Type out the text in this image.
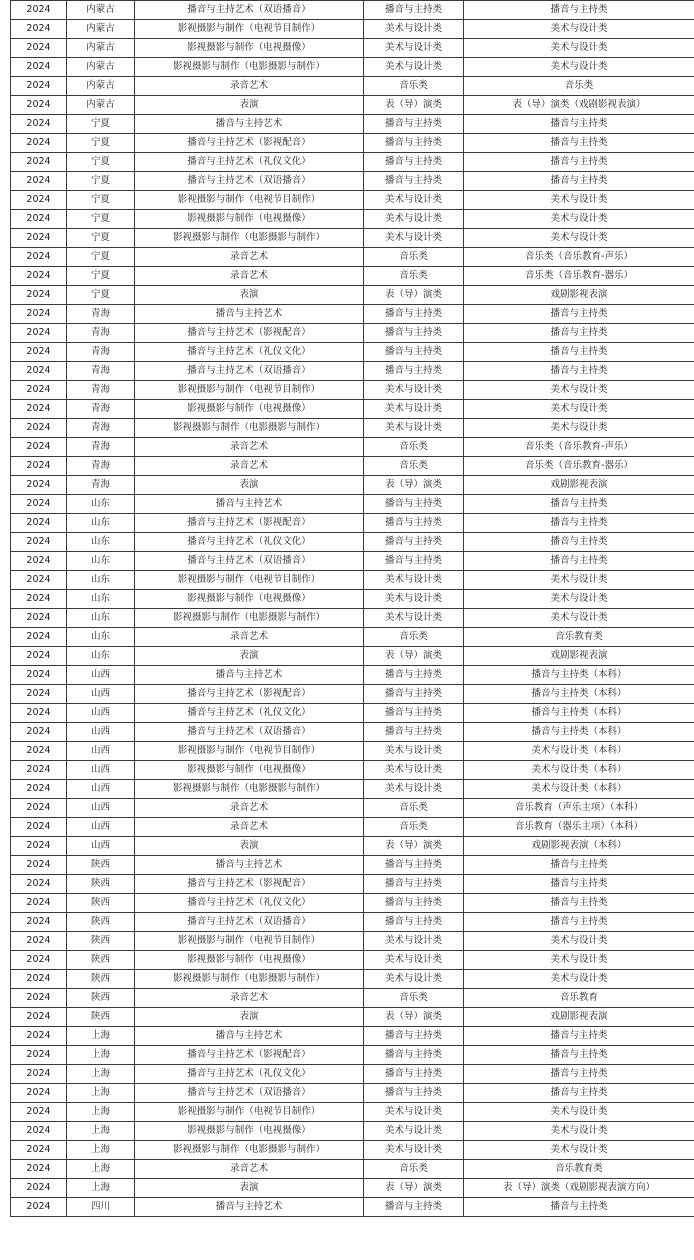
2024	内蒙古	播音与主持艺术（双语播音）	播音与主持类	播音与主持类
2024	内蒙古	影视摄影与制作（电视节目制作）	美术与设计类	美术与设计类
2024	内蒙古	影视摄影与制作（电视摄像）	美术与设计类	美术与设计类
2024	内蒙古	影视摄影与制作（电影摄影与制作）	美术与设计类	美术与设计类
2024	内蒙古	录音艺术	音乐类	音乐类
2024	内蒙古	表演	表（导）演类	表（导）演类（戏剧影视表演）
2024	宁夏	播音与主持艺术	播音与主持类	播音与主持类
2024	宁夏	播音与主持艺术（影视配音）	播音与主持类	播音与主持类
2024	宁夏	播音与主持艺术（礼仪文化）	播音与主持类	播音与主持类
2024	宁夏	播音与主持艺术（双语播音）	播音与主持类	播音与主持类
2024	宁夏	影视摄影与制作（电视节目制作）	美术与设计类	美术与设计类
2024	宁夏	影视摄影与制作（电视摄像）	美术与设计类	美术与设计类
2024	宁夏	影视摄影与制作（电影摄影与制作）	美术与设计类	美术与设计类
2024	宁夏	录音艺术	音乐类	音乐类（音乐教育-声乐）
2024	宁夏	录音艺术	音乐类	音乐类（音乐教育-器乐）
2024	宁夏	表演	表（导）演类	戏剧影视表演
2024	青海	播音与主持艺术	播音与主持类	播音与主持类
2024	青海	播音与主持艺术（影视配音）	播音与主持类	播音与主持类
2024	青海	播音与主持艺术（礼仪文化）	播音与主持类	播音与主持类
2024	青海	播音与主持艺术（双语播音）	播音与主持类	播音与主持类
2024	青海	影视摄影与制作（电视节目制作）	美术与设计类	美术与设计类
2024	青海	影视摄影与制作（电视摄像）	美术与设计类	美术与设计类
2024	青海	影视摄影与制作（电影摄影与制作）	美术与设计类	美术与设计类
2024	青海	录音艺术	音乐类	音乐类（音乐教育-声乐）
2024	青海	录音艺术	音乐类	音乐类（音乐教育-器乐）
2024	青海	表演	表（导）演类	戏剧影视表演
2024	山东	播音与主持艺术	播音与主持类	播音与主持类
2024	山东	播音与主持艺术（影视配音）	播音与主持类	播音与主持类
2024	山东	播音与主持艺术（礼仪文化）	播音与主持类	播音与主持类
2024	山东	播音与主持艺术（双语播音）	播音与主持类	播音与主持类
2024	山东	影视摄影与制作（电视节目制作）	美术与设计类	美术与设计类
2024	山东	影视摄影与制作（电视摄像）	美术与设计类	美术与设计类
2024	山东	影视摄影与制作（电影摄影与制作）	美术与设计类	美术与设计类
2024	山东	录音艺术	音乐类	音乐教育类
2024	山东	表演	表（导）演类	戏剧影视表演
2024	山西	播音与主持艺术	播音与主持类	播音与主持类（本科）
2024	山西	播音与主持艺术（影视配音）	播音与主持类	播音与主持类（本科）
2024	山西	播音与主持艺术（礼仪文化）	播音与主持类	播音与主持类（本科）
2024	山西	播音与主持艺术（双语播音）	播音与主持类	播音与主持类（本科）
2024	山西	影视摄影与制作（电视节目制作）	美术与设计类	美术与设计类（本科）
2024	山西	影视摄影与制作（电视摄像）	美术与设计类	美术与设计类（本科）
2024	山西	影视摄影与制作（电影摄影与制作）	美术与设计类	美术与设计类（本科）
2024	山西	录音艺术	音乐类	音乐教育（声乐主项）（本科）
2024	山西	录音艺术	音乐类	音乐教育（器乐主项）（本科）
2024	山西	表演	表（导）演类	戏剧影视表演（本科）
2024	陕西	播音与主持艺术	播音与主持类	播音与主持类
2024	陕西	播音与主持艺术（影视配音）	播音与主持类	播音与主持类
2024	陕西	播音与主持艺术（礼仪文化）	播音与主持类	播音与主持类
2024	陕西	播音与主持艺术（双语播音）	播音与主持类	播音与主持类
2024	陕西	影视摄影与制作（电视节目制作）	美术与设计类	美术与设计类
2024	陕西	影视摄影与制作（电视摄像）	美术与设计类	美术与设计类
2024	陕西	影视摄影与制作（电影摄影与制作）	美术与设计类	美术与设计类
2024	陕西	录音艺术	音乐类	音乐教育
2024	陕西	表演	表（导）演类	戏剧影视表演
2024	上海	播音与主持艺术	播音与主持类	播音与主持类
2024	上海	播音与主持艺术（影视配音）	播音与主持类	播音与主持类
2024	上海	播音与主持艺术（礼仪文化）	播音与主持类	播音与主持类
2024	上海	播音与主持艺术（双语播音）	播音与主持类	播音与主持类
2024	上海	影视摄影与制作（电视节目制作）	美术与设计类	美术与设计类
2024	上海	影视摄影与制作（电视摄像）	美术与设计类	美术与设计类
2024	上海	影视摄影与制作（电影摄影与制作）	美术与设计类	美术与设计类
2024	上海	录音艺术	音乐类	音乐教育类
2024	上海	表演	表（导）演类	表（导）演类（戏剧影视表演方向）
2024	四川	播音与主持艺术	播音与主持类	播音与主持类
